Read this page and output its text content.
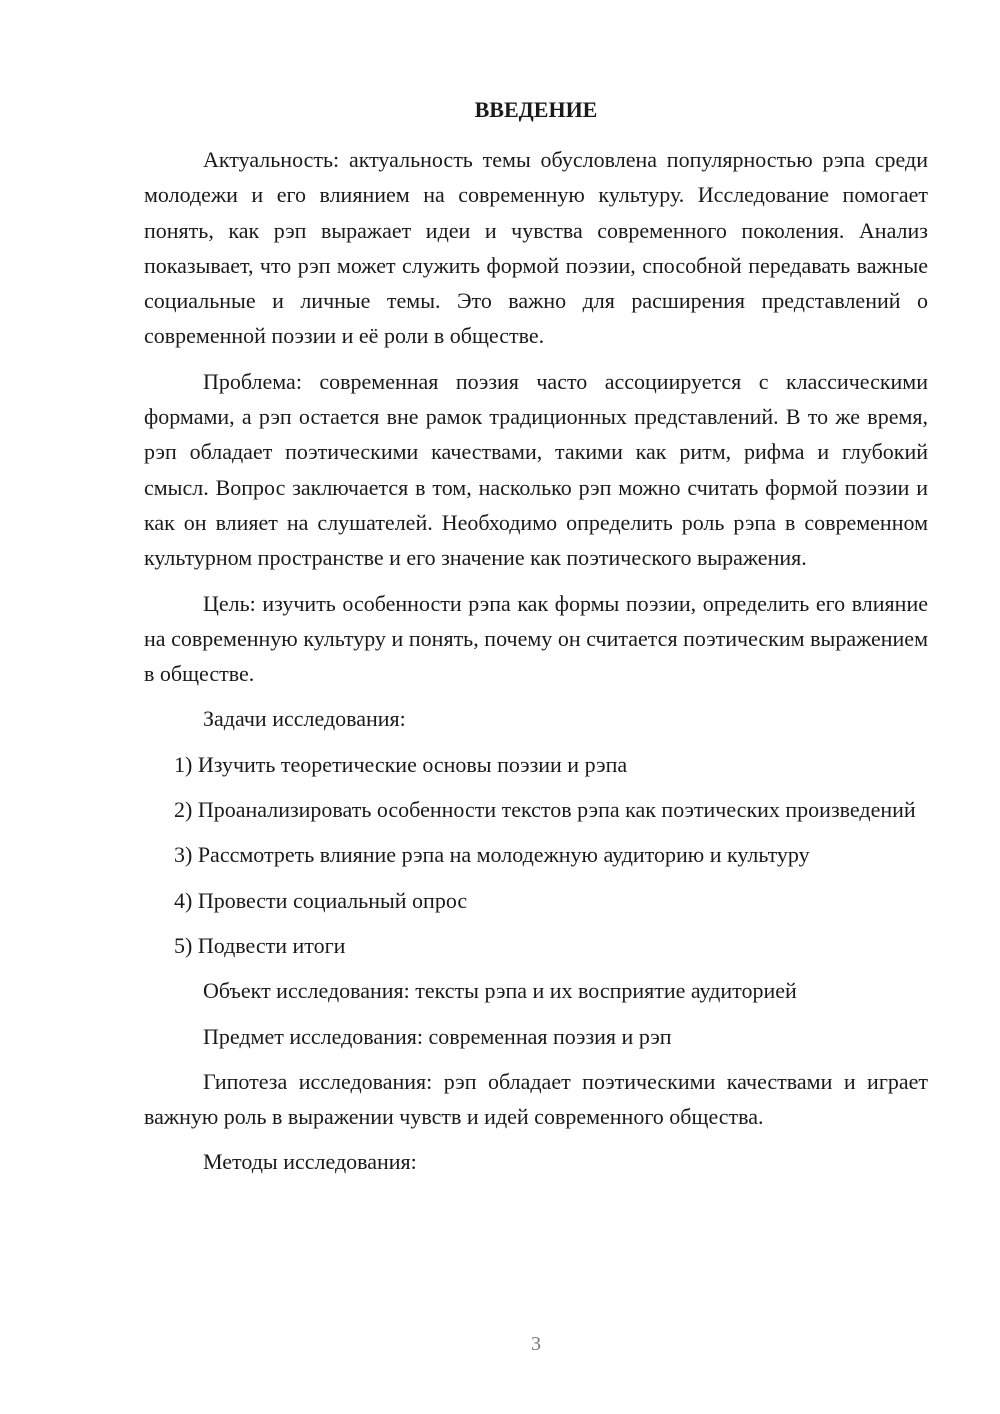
ВВЕДЕНИЕ

Актуальность: актуальность темы обусловлена популярностью рэпа среди молодежи и его влиянием на современную культуру. Исследование помогает понять, как рэп выражает идеи и чувства современного поколения. Анализ показывает, что рэп может служить формой поэзии, способной передавать важные социальные и личные темы. Это важно для расширения представлений о современной поэзии и её роли в обществе.

Проблема: современная поэзия часто ассоциируется с классическими формами, а рэп остается вне рамок традиционных представлений. В то же время, рэп обладает поэтическими качествами, такими как ритм, рифма и глубокий смысл. Вопрос заключается в том, насколько рэп можно считать формой поэзии и как он влияет на слушателей. Необходимо определить роль рэпа в современном культурном пространстве и его значение как поэтического выражения.

Цель: изучить особенности рэпа как формы поэзии, определить его влияние на современную культуру и понять, почему он считается поэтическим выражением в обществе.

Задачи исследования:

1) Изучить теоретические основы поэзии и рэпа

2) Проанализировать особенности текстов рэпа как поэтических произведений

3) Рассмотреть влияние рэпа на молодежную аудиторию и культуру

4) Провести социальный опрос

5) Подвести итоги

Объект исследования: тексты рэпа и их восприятие аудиторией

Предмет исследования: современная поэзия и рэп

Гипотеза исследования: рэп обладает поэтическими качествами и играет важную роль в выражении чувств и идей современного общества.

Методы исследования:

3
